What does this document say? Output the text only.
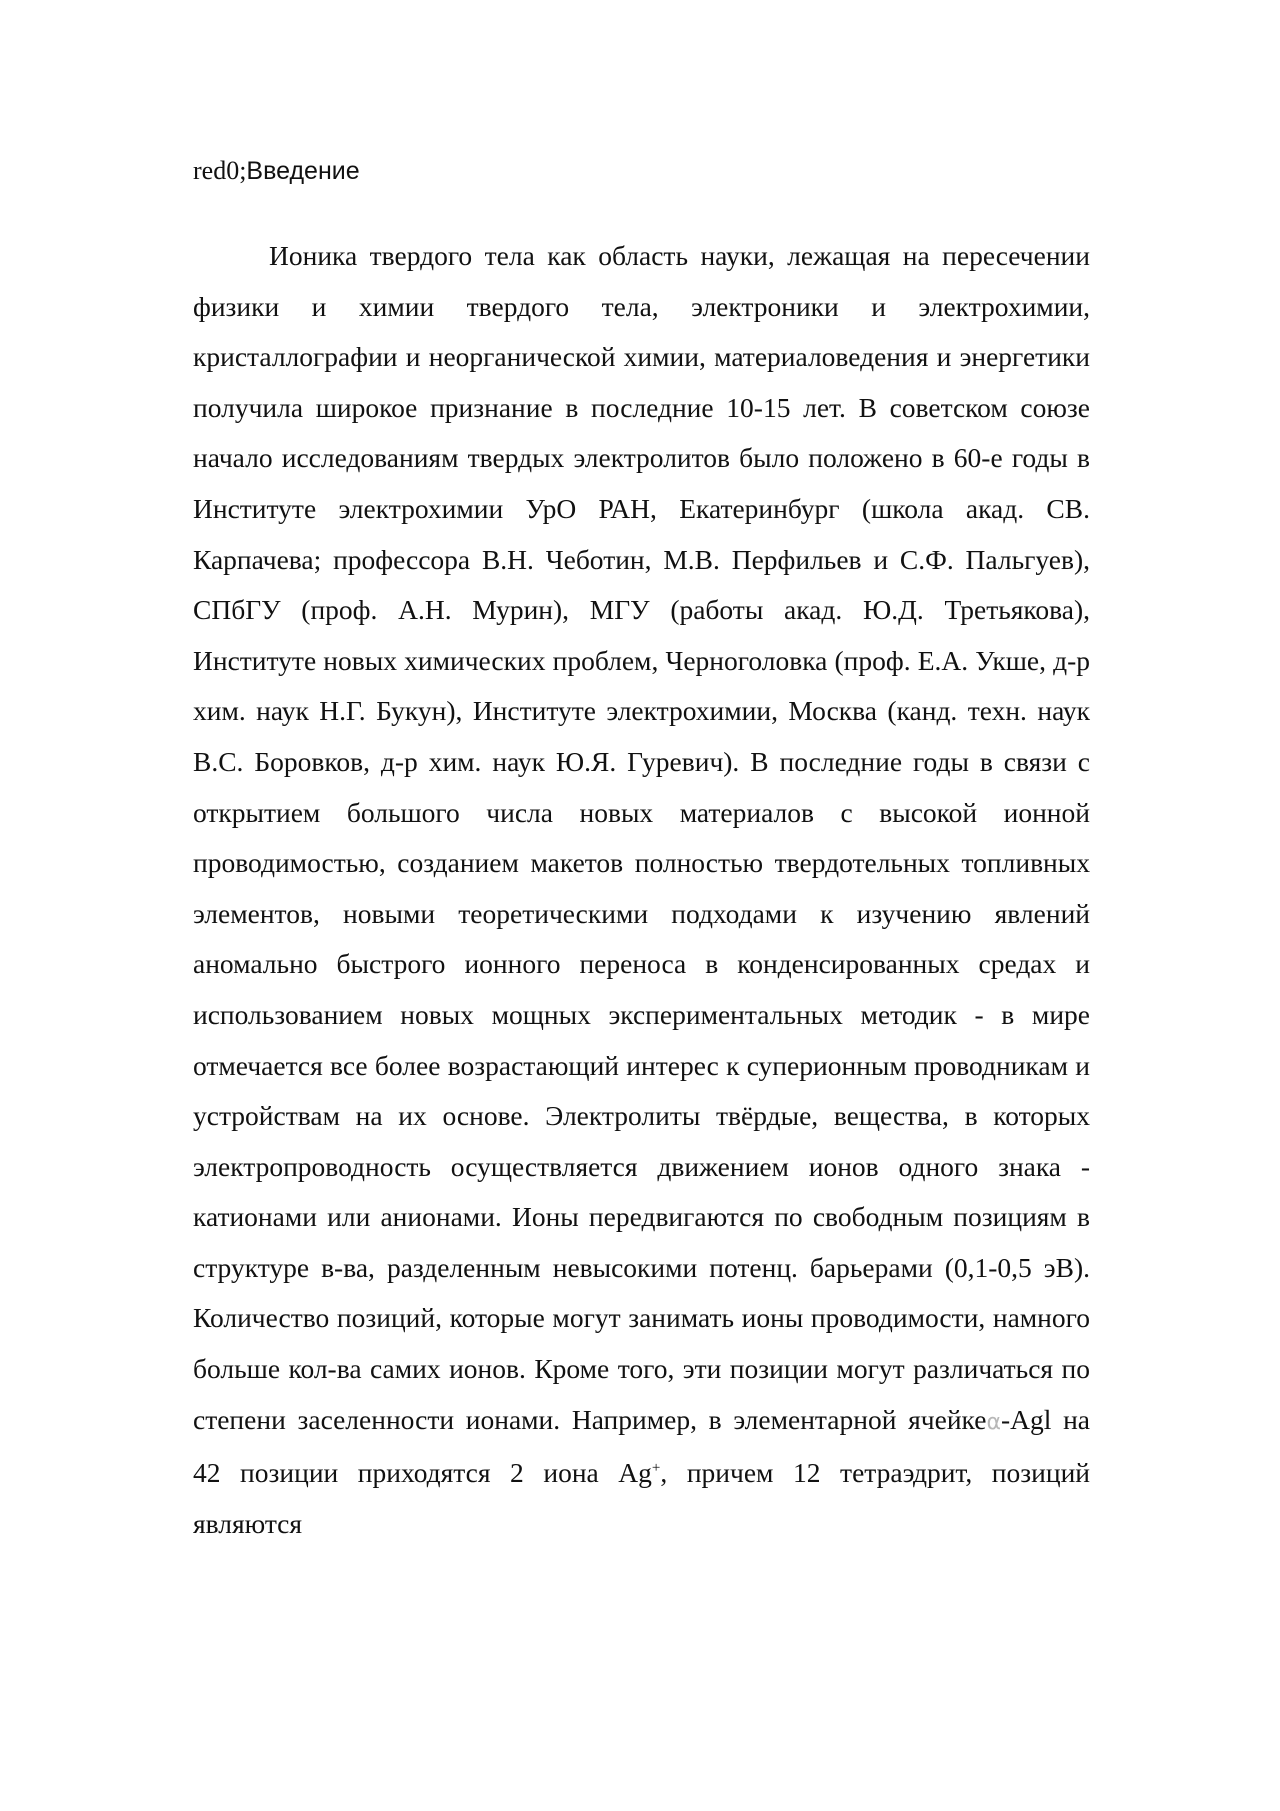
red0;Введение

Ионика твердого тела как область науки, лежащая на пересечении физики и химии твердого тела, электроники и электрохимии, кристаллографии и неорганической химии, материаловедения и энергетики получила широкое признание в последние 10-15 лет. В советском союзе начало исследованиям твердых электролитов было положено в 60-е годы в Институте электрохимии УрО РАН, Екатеринбург (школа акад. СВ. Карпачева; профессора В.Н. Чеботин, М.В. Перфильев и С.Ф. Пальгуев), СПбГУ (проф. А.Н. Мурин), МГУ (работы акад. Ю.Д. Третьякова), Институте новых химических проблем, Черноголовка (проф. Е.А. Укше, д-р хим. наук Н.Г. Букун), Институте электрохимии, Москва (канд. техн. наук B.C. Боровков, д-р хим. наук Ю.Я. Гуревич). В последние годы в связи с открытием большого числа новых материалов с высокой ионной проводимостью, созданием макетов полностью твердотельных топливных элементов, новыми теоретическими подходами к изучению явлений аномально быстрого ионного переноса в конденсированных средах и использованием новых мощных экспериментальных методик - в мире отмечается все более возрастающий интерес к суперионным проводникам и устройствам на их основе. Электролиты твёрдые, вещества, в которых электропроводность осуществляется движением ионов одного знака - катионами или анионами. Ионы передвигаются по свободным позициям в структуре в-ва, разделенным невысокими потенц. барьерами (0,1-0,5 эВ). Количество позиций, которые могут занимать ионы проводимости, намного больше кол-ва самих ионов. Кроме того, эти позиции могут различаться по степени заселенности ионами. Например, в элементарной ячейкеα-Agl на 42 позиции приходятся 2 иона Ag+, причем 12 тетраэдрит, позиций являются
